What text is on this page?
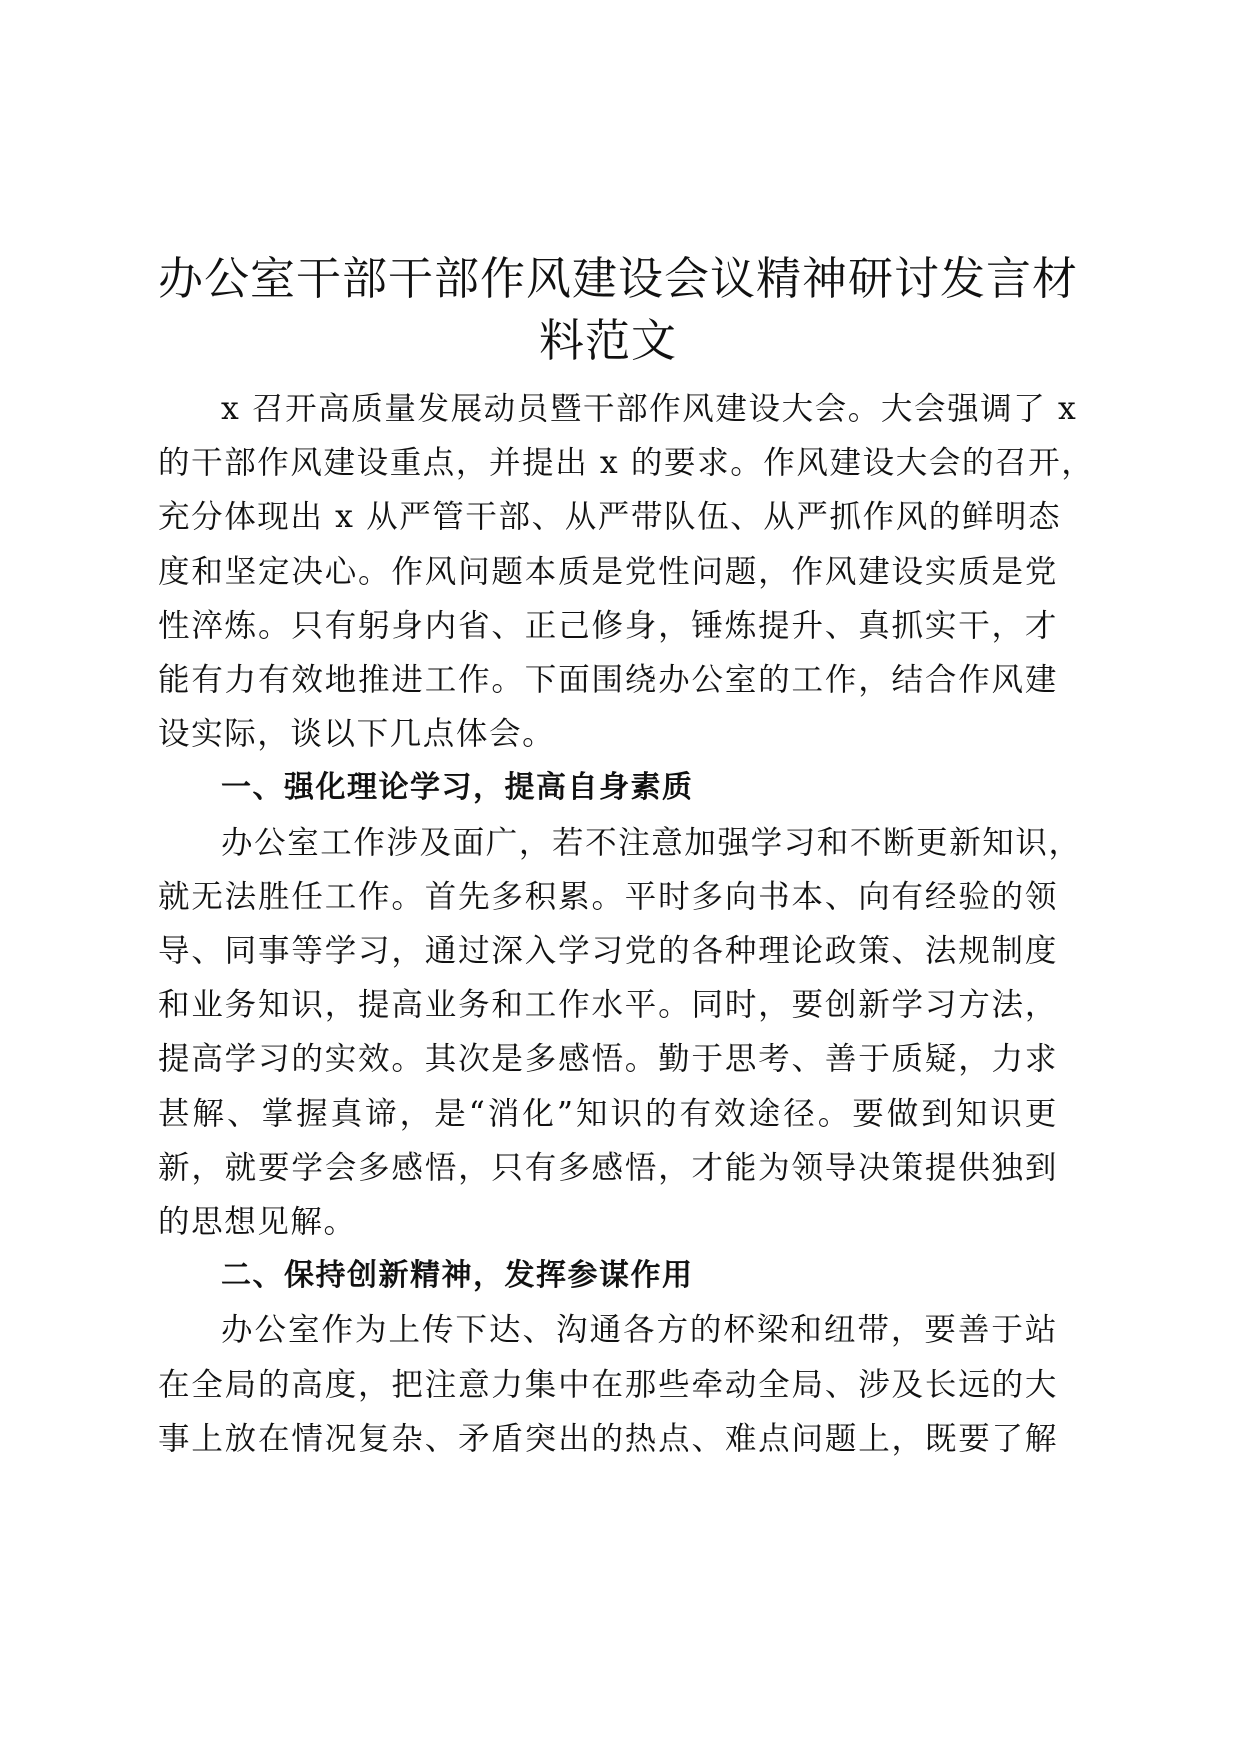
办公室干部干部作风建设会议精神研讨发言材
料范文

x 召开高质量发展动员暨干部作风建设大会。大会强调了 x
的干部作风建设重点，并提出 x 的要求。作风建设大会的召开，
充分体现出 x 从严管干部、从严带队伍、从严抓作风的鲜明态
度和坚定决心。作风问题本质是党性问题，作风建设实质是党
性淬炼。只有躬身内省、正己修身，锤炼提升、真抓实干，才
能有力有效地推进工作。下面围绕办公室的工作，结合作风建
设实际，谈以下几点体会。

一、强化理论学习，提高自身素质

办公室工作涉及面广，若不注意加强学习和不断更新知识，
就无法胜任工作。首先多积累。平时多向书本、向有经验的领
导、同事等学习，通过深入学习党的各种理论政策、法规制度
和业务知识，提高业务和工作水平。同时，要创新学习方法，
提高学习的实效。其次是多感悟。勤于思考、善于质疑，力求
甚解、掌握真谛，是“消化”知识的有效途径。要做到知识更
新，就要学会多感悟，只有多感悟，才能为领导决策提供独到
的思想见解。

二、保持创新精神，发挥参谋作用

办公室作为上传下达、沟通各方的杯梁和纽带，要善于站
在全局的高度，把注意力集中在那些牵动全局、涉及长远的大
事上放在情况复杂、矛盾突出的热点、难点问题上，既要了解
